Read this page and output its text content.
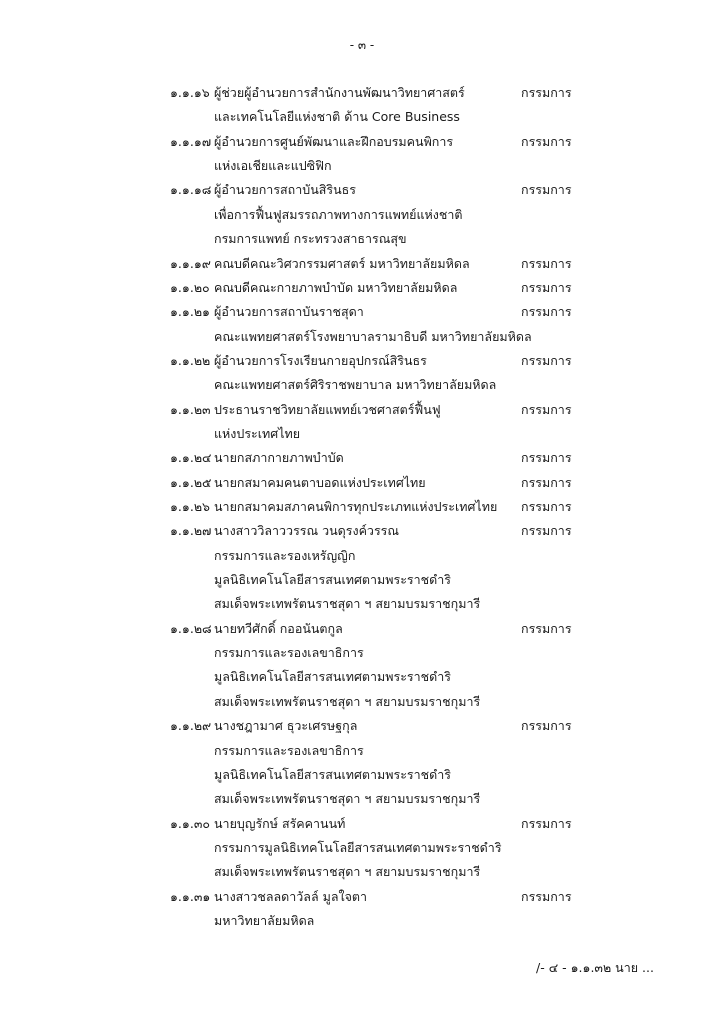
- ๓ -
๑.๑.๑๖ ผู้ช่วยผู้อำนวยการสำนักงานพัฒนาวิทยาศาสตร์	กรรมการ
และเทคโนโลยีแห่งชาติ ด้าน Core Business
๑.๑.๑๗ ผู้อำนวยการศูนย์พัฒนาและฝึกอบรมคนพิการ	กรรมการ
แห่งเอเชียและแปซิฟิก
๑.๑.๑๘ ผู้อำนวยการสถาบันสิรินธร	กรรมการ
เพื่อการฟื้นฟูสมรรถภาพทางการแพทย์แห่งชาติ
กรมการแพทย์ กระทรวงสาธารณสุข
๑.๑.๑๙ คณบดีคณะวิศวกรรมศาสตร์ มหาวิทยาลัยมหิดล	กรรมการ
๑.๑.๒๐ คณบดีคณะกายภาพบำบัด มหาวิทยาลัยมหิดล	กรรมการ
๑.๑.๒๑ ผู้อำนวยการสถาบันราชสุดา	กรรมการ
คณะแพทยศาสตร์โรงพยาบาลรามาธิบดี มหาวิทยาลัยมหิดล
๑.๑.๒๒ ผู้อำนวยการโรงเรียนกายอุปกรณ์สิรินธร	กรรมการ
คณะแพทยศาสตร์ศิริราชพยาบาล มหาวิทยาลัยมหิดล
๑.๑.๒๓ ประธานราชวิทยาลัยแพทย์เวชศาสตร์ฟื้นฟู	กรรมการ
แห่งประเทศไทย
๑.๑.๒๔ นายกสภากายภาพบำบัด	กรรมการ
๑.๑.๒๕ นายกสมาคมคนตาบอดแห่งประเทศไทย	กรรมการ
๑.๑.๒๖ นายกสมาคมสภาคนพิการทุกประเภทแห่งประเทศไทย กรรมการ
๑.๑.๒๗ นางสาววิลาววรรณ วนดุรงค์วรรณ	กรรมการ
กรรมการและรองเหรัญญิก
มูลนิธิเทคโนโลยีสารสนเทศตามพระราชดำริ
สมเด็จพระเทพรัตนราชสุดา ฯ สยามบรมราชกุมารี
๑.๑.๒๘ นายทวีศักดิ์ กออนันตกูล	กรรมการ
กรรมการและรองเลขาธิการ
มูลนิธิเทคโนโลยีสารสนเทศตามพระราชดำริ
สมเด็จพระเทพรัตนราชสุดา ฯ สยามบรมราชกุมารี
๑.๑.๒๙ นางชฎามาศ ธุวะเศรษฐกุล	กรรมการ
กรรมการและรองเลขาธิการ
มูลนิธิเทคโนโลยีสารสนเทศตามพระราชดำริ
สมเด็จพระเทพรัตนราชสุดา ฯ สยามบรมราชกุมารี
๑.๑.๓๐ นายบุญรักษ์ สรัคคานนท์	กรรมการ
กรรมการมูลนิธิเทคโนโลยีสารสนเทศตามพระราชดำริ
สมเด็จพระเทพรัตนราชสุดา ฯ สยามบรมราชกุมารี
๑.๑.๓๑ นางสาวชลลดาวัลล์ มูลใจตา	กรรมการ
มหาวิทยาลัยมหิดล
/- ๔ - ๑.๑.๓๒ นาย ...
